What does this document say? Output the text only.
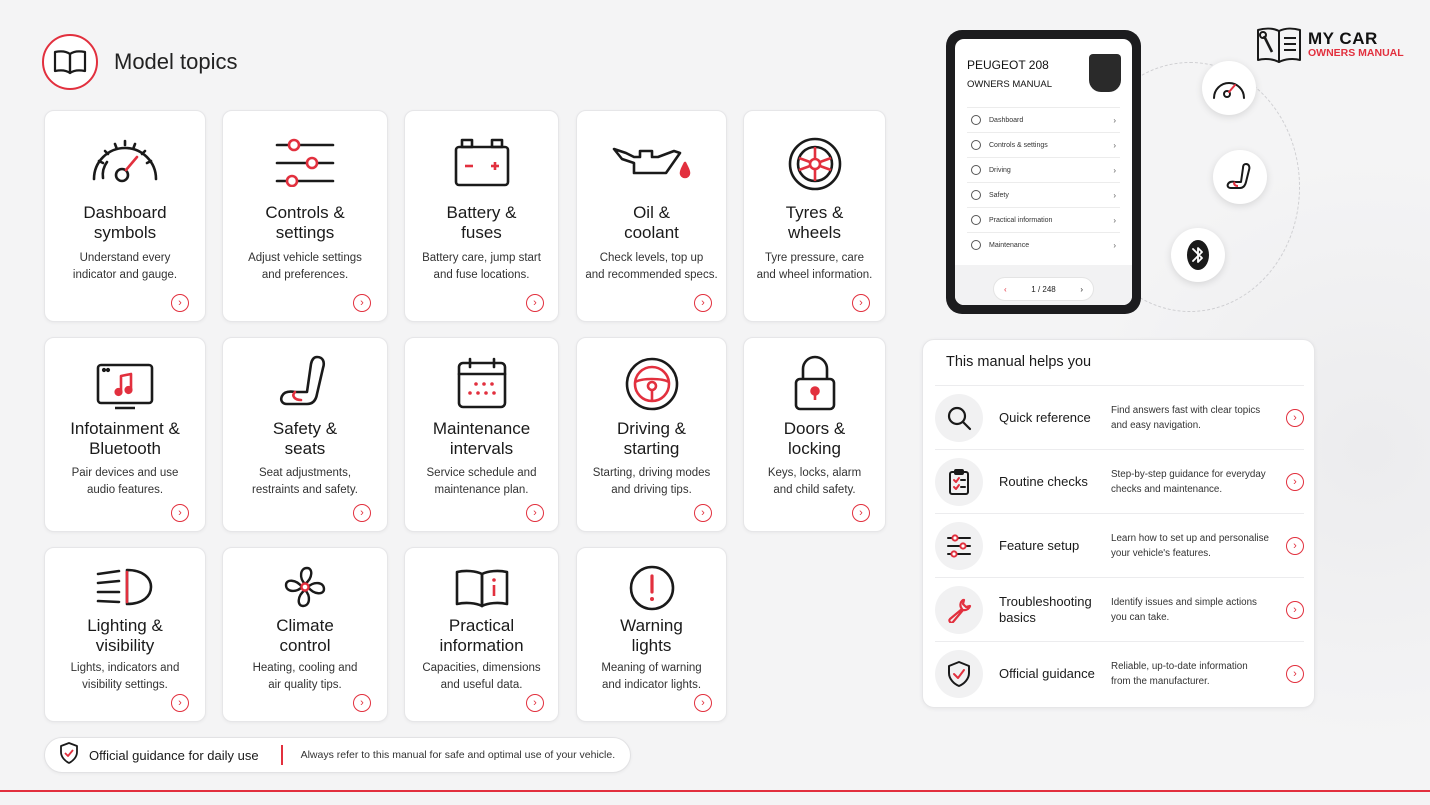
Model topics
Dashboard
symbols
Understand every
indicator and gauge.
›
Controls &
settings
Adjust vehicle settings
and preferences.
›
Battery &
fuses
Battery care, jump start
and fuse locations.
›
Oil &
coolant
Check levels, top up
and recommended specs.
›
Tyres &
wheels
Tyre pressure, care
and wheel information.
›
Infotainment &
Bluetooth
Pair devices and use
audio features.
›
Safety &
seats
Seat adjustments,
restraints and safety.
›
Maintenance
intervals
Service schedule and
maintenance plan.
›
Driving &
starting
Starting, driving modes
and driving tips.
›
Doors &
locking
Keys, locks, alarm
and child safety.
›
Lighting &
visibility
Lights, indicators and
visibility settings.
›
Climate
control
Heating, cooling and
air quality tips.
›
Practical
information
Capacities, dimensions
and useful data.
›
Warning
lights
Meaning of warning
and indicator lights.
›
Official guidance for daily use	Always refer to this manual for safe and optimal use of your vehicle.
PEUGEOT 208
OWNERS MANUAL
Dashboard	›
Controls & settings	›
Driving	›
Safety	›
Practical information	›
Maintenance	›
‹	1 / 248	›
MY CAR
OWNERS MANUAL
This manual helps you
Quick reference	Find answers fast with clear topics
and easy navigation.
›
Routine checks	Step-by-step guidance for everyday
checks and maintenance.
›
Feature setup	Learn how to set up and personalise
your vehicle's features.
›
Troubleshooting basics
Identify issues and simple actions
you can take.
›
Official guidance	Reliable, up-to-date information
from the manufacturer.
›
